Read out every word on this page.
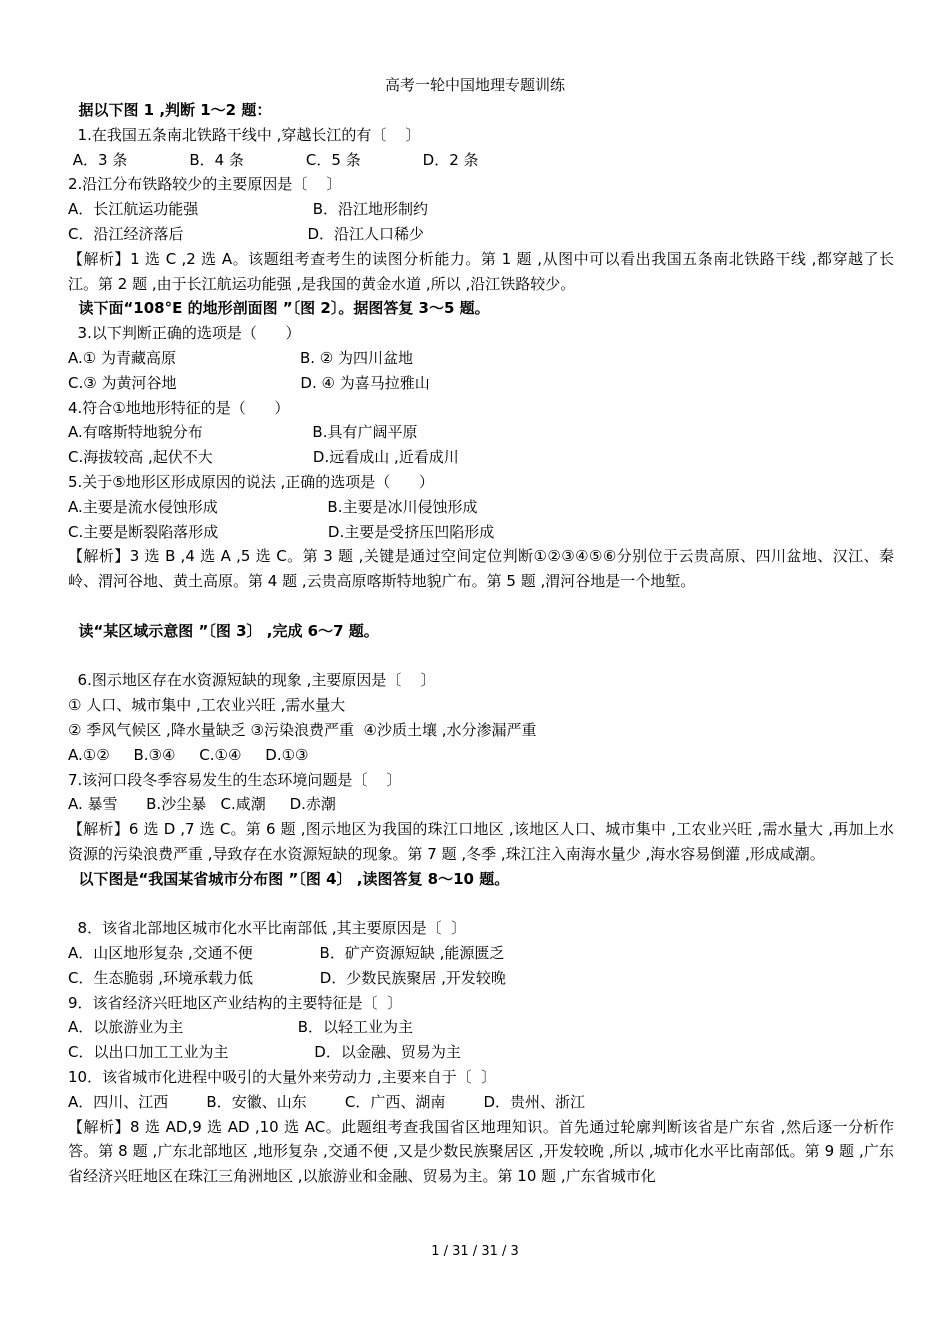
高考一轮中国地理专题训练
据以下图 1 ,判断 1～2 题：
1.在我国五条南北铁路干线中 ,穿越长江的有〔    〕
A．3 条             B．4 条             C．5 条             D．2 条
2.沿江分布铁路较少的主要原因是〔    〕
A．长江航运功能强                        B．沿江地形制约
C．沿江经济落后                          D．沿江人口稀少
【解析】1 选 C ,2 选 A。该题组考查考生的读图分析能力。第 1 题 ,从图中可以看出我国五条南北铁路干线 ,都穿越了长江。第 2 题 ,由于长江航运功能强 ,是我国的黄金水道 ,所以 ,沿江铁路较少。
读下面“108°E 的地形剖面图 ”〔图 2〕。据图答复 3～5 题。
3.以下判断正确的选项是（      ）
A.① 为青藏高原                          B. ② 为四川盆地
C.③ 为黄河谷地                          D. ④ 为喜马拉雅山
4.符合①地地形特征的是（      ）
A.有喀斯特地貌分布                       B.具有广阔平原
C.海拔较高 ,起伏不大                     D.远看成山 ,近看成川
5.关于⑤地形区形成原因的说法 ,正确的选项是（      ）
A.主要是流水侵蚀形成                       B.主要是冰川侵蚀形成
C.主要是断裂陷落形成                       D.主要是受挤压凹陷形成
【解析】3 选 B ,4 选 A ,5 选 C。第 3 题 ,关键是通过空间定位判断①②③④⑤⑥分别位于云贵高原、四川盆地、汉江、秦岭、渭河谷地、黄土高原。第 4 题 ,云贵高原喀斯特地貌广布。第 5 题 ,渭河谷地是一个地堑。

读“某区域示意图 ”〔图 3〕 ,完成 6～7 题。

6.图示地区存在水资源短缺的现象 ,主要原因是〔    〕
① 人口、城市集中 ,工农业兴旺 ,需水量大
② 季风气候区 ,降水量缺乏 ③污染浪费严重  ④沙质土壤 ,水分渗漏严重
A.①②     B.③④     C.①④     D.①③
7.该河口段冬季容易发生的生态环境问题是〔    〕
A. 暴雪      B.沙尘暴   C.咸潮     D.赤潮
【解析】6 选 D ,7 选 C。第 6 题 ,图示地区为我国的珠江口地区 ,该地区人口、城市集中 ,工农业兴旺 ,需水量大 ,再加上水资源的污染浪费严重 ,导致存在水资源短缺的现象。第 7 题 ,冬季 ,珠江注入南海水量少 ,海水容易倒灌 ,形成咸潮。
以下图是“我国某省城市分布图 ”〔图 4〕 ,读图答复 8～10 题。

8．该省北部地区城市化水平比南部低 ,其主要原因是〔  〕
A．山区地形复杂 ,交通不便              B．矿产资源短缺 ,能源匮乏
C．生态脆弱 ,环境承载力低              D．少数民族聚居 ,开发较晚
9．该省经济兴旺地区产业结构的主要特征是〔  〕
A．以旅游业为主                        B．以轻工业为主
C．以出口加工工业为主                  D．以金融、贸易为主
10．该省城市化进程中吸引的大量外来劳动力 ,主要来自于〔  〕
A．四川、江西        B．安徽、山东        C．广西、湖南        D．贵州、浙江
【解析】8 选 AD,9 选 AD ,10 选 AC。此题组考查我国省区地理知识。首先通过轮廓判断该省是广东省 ,然后逐一分析作答。第 8 题 ,广东北部地区 ,地形复杂 ,交通不便 ,又是少数民族聚居区 ,开发较晚 ,所以 ,城市化水平比南部低。第 9 题 ,广东省经济兴旺地区在珠江三角洲地区 ,以旅游业和金融、贸易为主。第 10 题 ,广东省城市化
1 / 31 / 31 / 3
